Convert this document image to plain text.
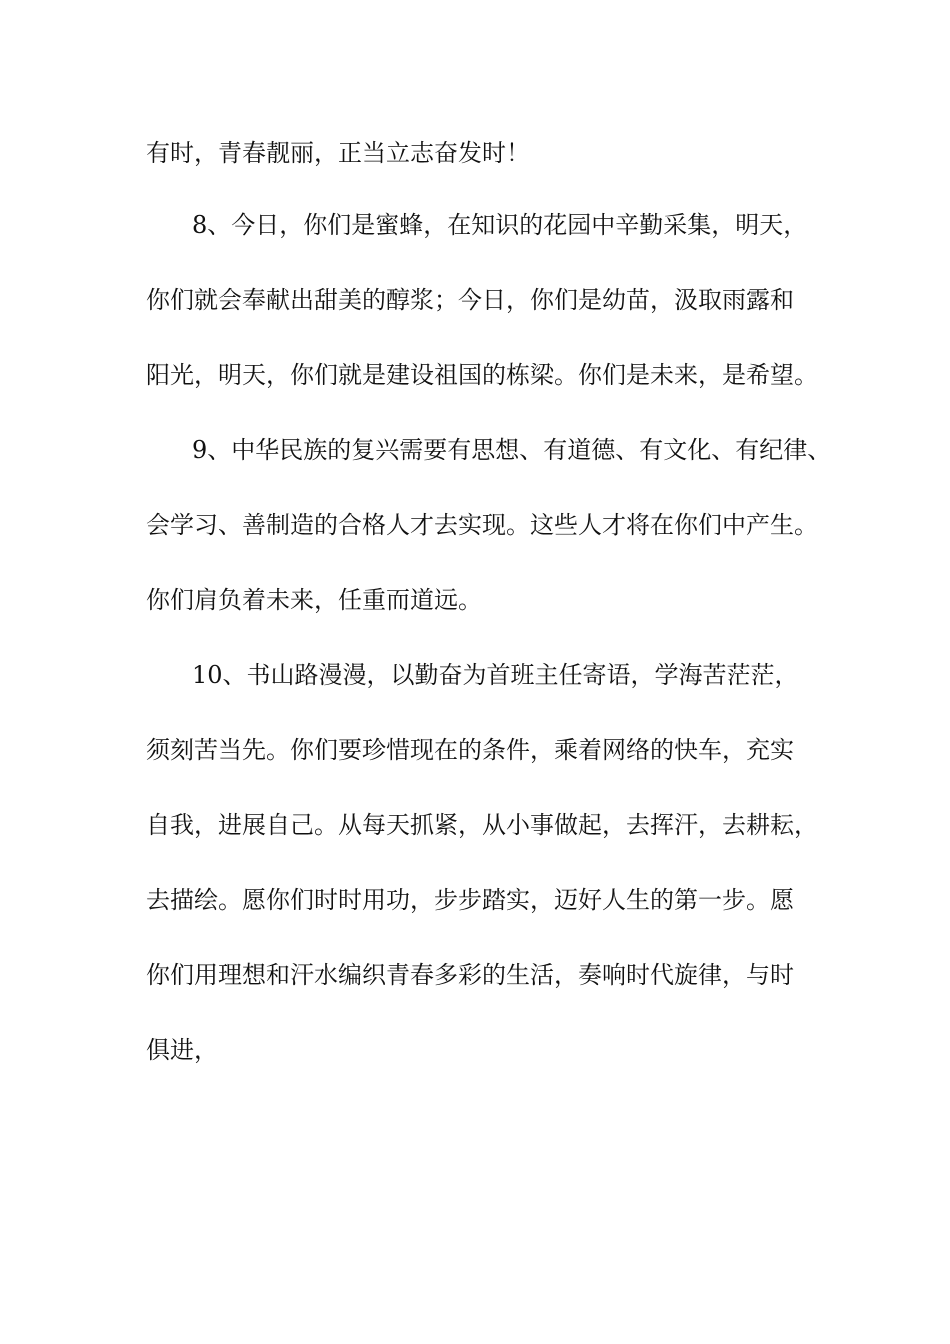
有时，青春靓丽，正当立志奋发时！
8、今日，你们是蜜蜂，在知识的花园中辛勤采集，明天，
你们就会奉献出甜美的醇浆；今日，你们是幼苗，汲取雨露和
阳光，明天，你们就是建设祖国的栋梁。你们是未来，是希望。
9、中华民族的复兴需要有思想、有道德、有文化、有纪律、
会学习、善制造的合格人才去实现。这些人才将在你们中产生。
你们肩负着未来，任重而道远。
10、书山路漫漫，以勤奋为首班主任寄语，学海苦茫茫，
须刻苦当先。你们要珍惜现在的条件，乘着网络的快车，充实
自我，进展自己。从每天抓紧，从小事做起，去挥汗，去耕耘，
去描绘。愿你们时时用功，步步踏实，迈好人生的第一步。愿
你们用理想和汗水编织青春多彩的生活，奏响时代旋律，与时
俱进，
